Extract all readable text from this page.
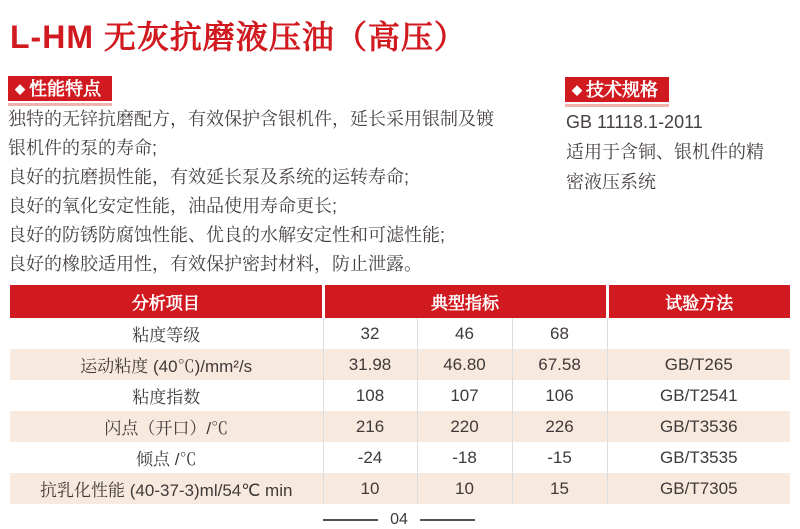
L-HM 无灰抗磨液压油（高压）
◆ 性能特点
独特的无锌抗磨配方，有效保护含银机件，延长采用银制及镀银机件的泵的寿命;
良好的抗磨损性能，有效延长泵及系统的运转寿命;
良好的氧化安定性能，油品使用寿命更长;
良好的防锈防腐蚀性能、优良的水解安定性和可滤性能;
良好的橡胶适用性，有效保护密封材料，防止泄露。
◆ 技术规格

GB 11118.1-2011

适用于含铜、银机件的精密液压系统

分析项目	典型指标			试验方法
粘度等级	32	46	68	
运动粘度 (40℃)/mm²/s	31.98	46.80	67.58	GB/T265
粘度指数	108	107	106	GB/T2541
闪点（开口）/℃	216	220	226	GB/T3536
倾点 /℃	-24	-18	-15	GB/T3535
抗乳化性能 (40-37-3)ml/54℃ min	10	10	15	GB/T7305
04
